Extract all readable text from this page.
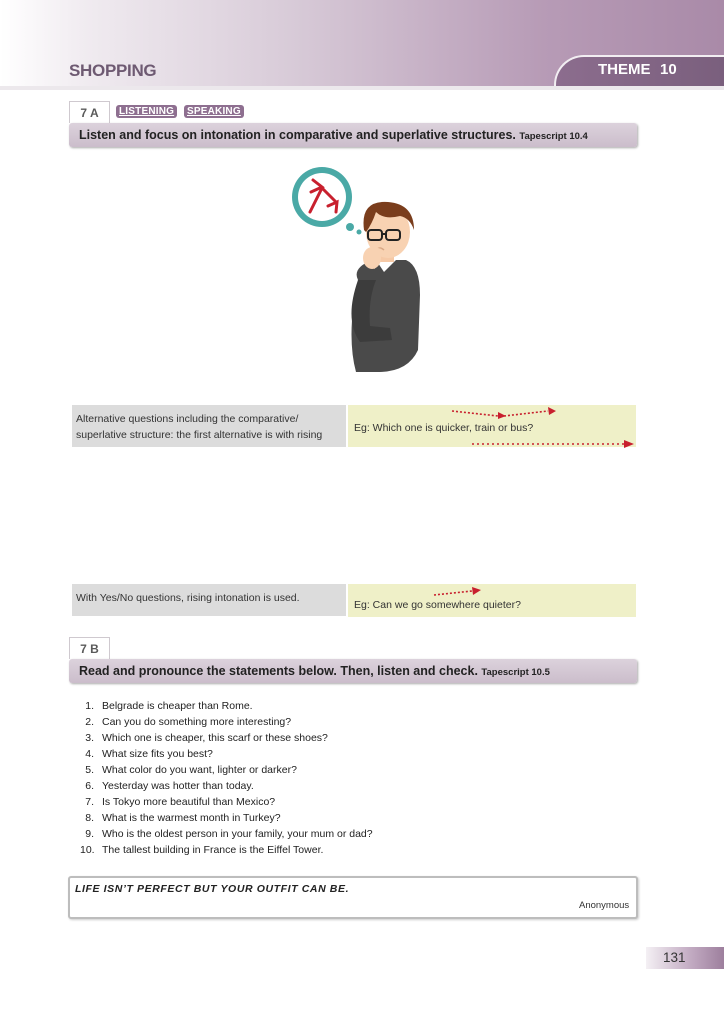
SHOPPING	THEME 10
7 A	LISTENING	SPEAKING
Listen and focus on intonation in comparative and superlative structures. Tapescript 10.4
Alternative questions including the comparative/ superlative structure: the first alternative is with rising
Eg: Which one is quicker, train or bus?
With Yes/No questions, rising intonation is used.
Eg: Can we go somewhere quieter?
7 B
Read and pronounce the statements below. Then, listen and check. Tapescript 10.5
1. Belgrade is cheaper than Rome.
2. Can you do something more interesting?
3. Which one is cheaper, this scarf or these shoes?
4. What size fits you best?
5. What color do you want, lighter or darker?
6. Yesterday was hotter than today.
7. Is Tokyo more beautiful than Mexico?
8. What is the warmest month in Turkey?
9. Who is the oldest person in your family, your mum or dad?
10. The tallest building in France is the Eiffel Tower.
LIFE ISN’T PERFECT BUT YOUR OUTFIT CAN BE.
Anonymous
131
